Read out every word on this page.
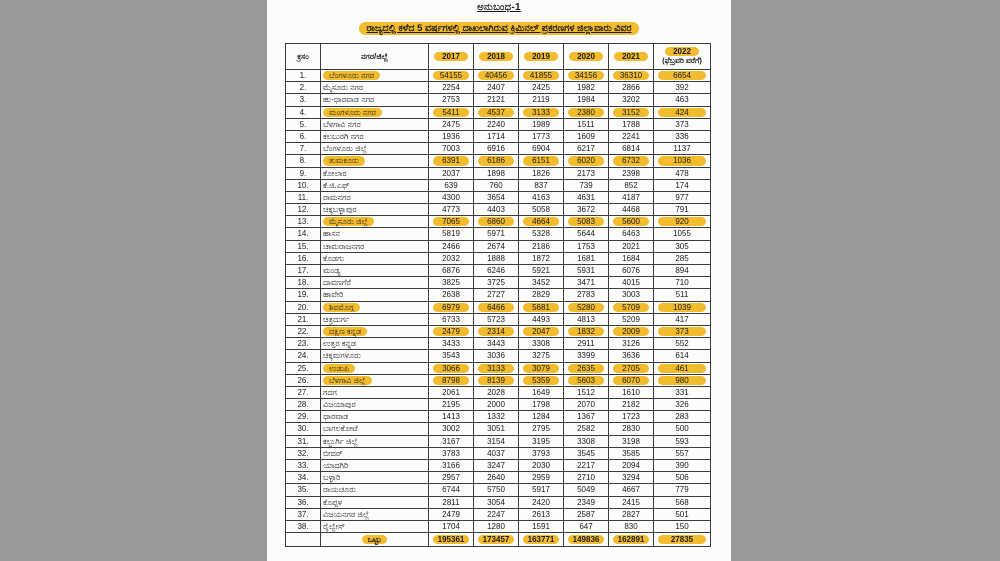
ಅನುಬಂಧ-1
ರಾಜ್ಯದಲ್ಲಿ ಕಳೆದ 5 ವರ್ಷಗಳಲ್ಲಿ ದಾಖಲಾಗಿರುವ ಕ್ರಿಮಿನಲ್ ಪ್ರಕರಣಗಳ ಜಿಲ್ಲಾವಾರು ವಿವರ
ಕ್ರಸಂ	ನಗರ/ಜಿಲ್ಲೆ	2017	2018	2019	2020	2021	2022
(ಫೆಬ್ರವರಿ ವರೆಗೆ)

1.	ಬೆಂಗಳೂರು ನಗರ	54155	40456	41855	34156	36310	6654
2.	ಮೈಸೂರು ನಗರ	2254	2407	2425	1982	2866	392
3.	ಹು-ಧಾರವಾಡ ನಗರ	2753	2121	2119	1984	3202	463
4.	ಮಂಗಳೂರು ನಗರ	5411	4537	3133	2380	3152	424
5.	ಬೆಳಗಾವಿ ನಗರ	2475	2240	1989	1511	1788	373
6.	ಕಲಬುರಗಿ ನಗರ	1936	1714	1773	1609	2241	336
7.	ಬೆಂಗಳೂರು ಜಿಲ್ಲೆ	7003	6916	6904	6217	6814	1137
8.	ತುಮಕೂರು	6391	6186	6151	6020	6732	1036
9.	ಕೋಲಾರ	2037	1898	1826	2173	2398	478
10.	ಕೆ.ಜಿ.ಎಫ್	639	760	837	739	852	174
11.	ರಾಮನಗರ	4300	3654	4163	4631	4187	977
12.	ಚಿಕ್ಕಬಳ್ಳಾಪುರ	4773	4403	5058	3672	4468	791
13.	ಮೈಸೂರು ಜಿಲ್ಲೆ	7065	6860	4664	5083	5600	920
14.	ಹಾಸನ	5819	5971	5328	5644	6463	1055
15.	ಚಾಮರಾಜನಗರ	2466	2674	2186	1753	2021	305
16.	ಕೊಡಗು	2032	1888	1872	1681	1684	285
17.	ಮಂಡ್ಯ	6876	6246	5921	5931	6076	894
18.	ದಾವಣಗೆರೆ	3825	3725	3452	3471	4015	710
19.	ಹಾವೇರಿ	2638	2727	2829	2783	3003	511
20.	ಶಿವಮೊಗ್ಗ	6979	6466	5681	5280	5709	1039
21.	ಚಿತ್ರದುರ್ಗ	6733	5723	4493	4813	5209	417
22.	ದಕ್ಷಿಣ ಕನ್ನಡ	2479	2314	2047	1832	2009	373
23.	ಉತ್ತರ ಕನ್ನಡ	3433	3443	3308	2911	3126	552
24.	ಚಿಕ್ಕಮಗಳೂರು	3543	3036	3275	3399	3636	614
25.	ಉಡುಪಿ	3066	3133	3079	2635	2705	461
26.	ಬೆಳಗಾವಿ ಜಿಲ್ಲೆ	8798	8139	5359	5603	6070	980
27.	ಗದಗ	2061	2028	1649	1512	1610	331
28.	ವಿಜಯಾಪುರ	2195	2000	1798	2070	2182	326
29.	ಧಾರವಾಡ	1413	1332	1284	1367	1723	283
30.	ಬಾಗಲಕೋಟೆ	3002	3051	2795	2582	2830	500
31.	ಕಲ್ಬುರ್ಗಿ ಜಿಲ್ಲೆ	3167	3154	3195	3308	3198	593
32.	ಬೀದರ್	3783	4037	3793	3545	3585	557
33.	ಯಾದಗಿರಿ	3166	3247	2030	2217	2094	390
34.	ಬಳ್ಳಾರಿ	2957	2640	2959	2710	3294	506
35.	ರಾಯಚೂರು	6744	5750	5917	5049	4667	779
36.	ಕೊಪ್ಪಳ	2811	3054	2420	2349	2415	568
37.	ವಿಜಯನಗರ ಜಿಲ್ಲೆ	2479	2247	2613	2587	2827	501
38.	ರೈಲ್ವೇಸ್	1704	1280	1591	647	830	150
	ಒಟ್ಟು	195361	173457	163771	149836	162891	27835
